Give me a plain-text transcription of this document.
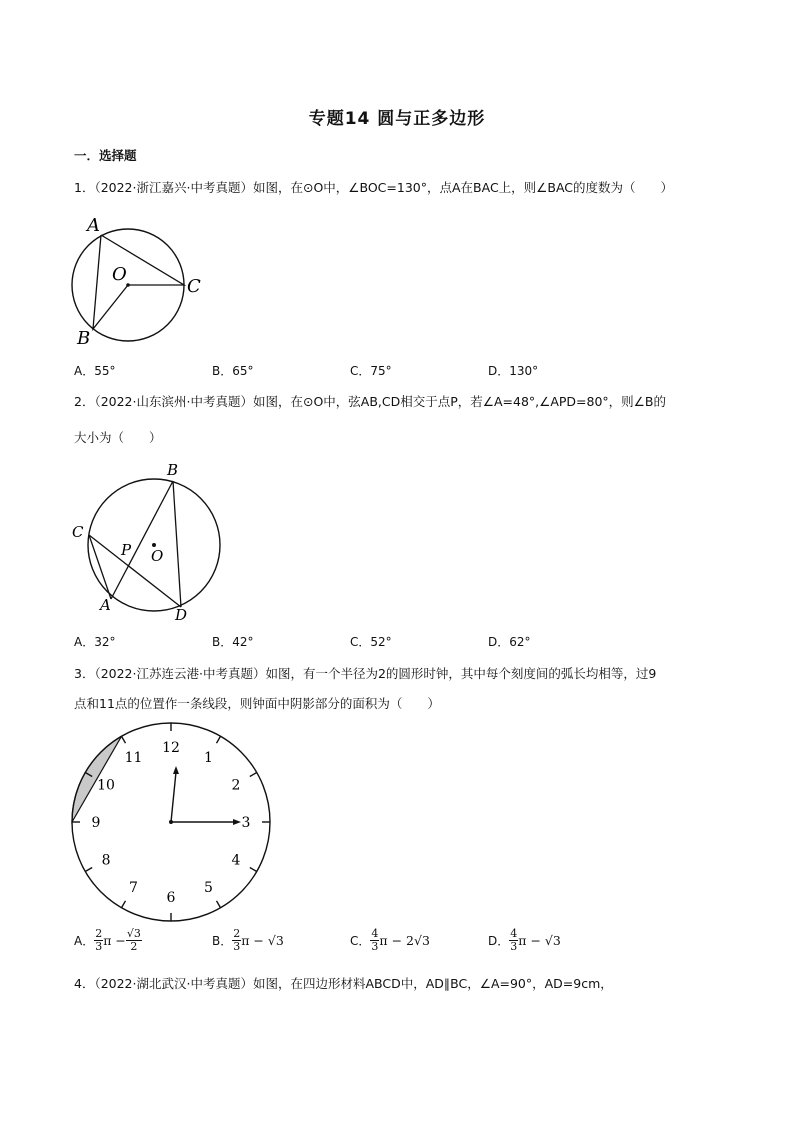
专题14 圆与正多边形
一．选择题
1．（2022·浙江嘉兴·中考真题）如图，在⊙O中，∠BOC=130°，点A在BAC上，则∠BAC的度数为（　　）
A
O
C
B
A．55°	B．65°	C．75°	D．130°
2．（2022·山东滨州·中考真题）如图，在⊙O中，弦AB,CD相交于点P，若∠A=48°,∠APD=80°，则∠B的
大小为（　　）
B
C
P O
A
D
A．32°	B．42°	C．52°	D．62°
3．（2022·江苏连云港·中考真题）如图，有一个半径为2的圆形时钟，其中每个刻度间的弧长均相等，过9
点和11点的位置作一条线段，则钟面中阴影部分的面积为（　　）
12
1
2
3
4
5
6
7
8
9
10
11
A． $\frac{2}{3}$ $\pi - \frac{√3}{2}$	B． $\frac{2}{3}$ π − √3	C． $\frac{4}{3}$ π − 2√3	D． $\frac{4}{3}$ π − √3
4．（2022·湖北武汉·中考真题）如图，在四边形材料ABCD中，AD∥BC，∠A=90°，AD=9cm，
